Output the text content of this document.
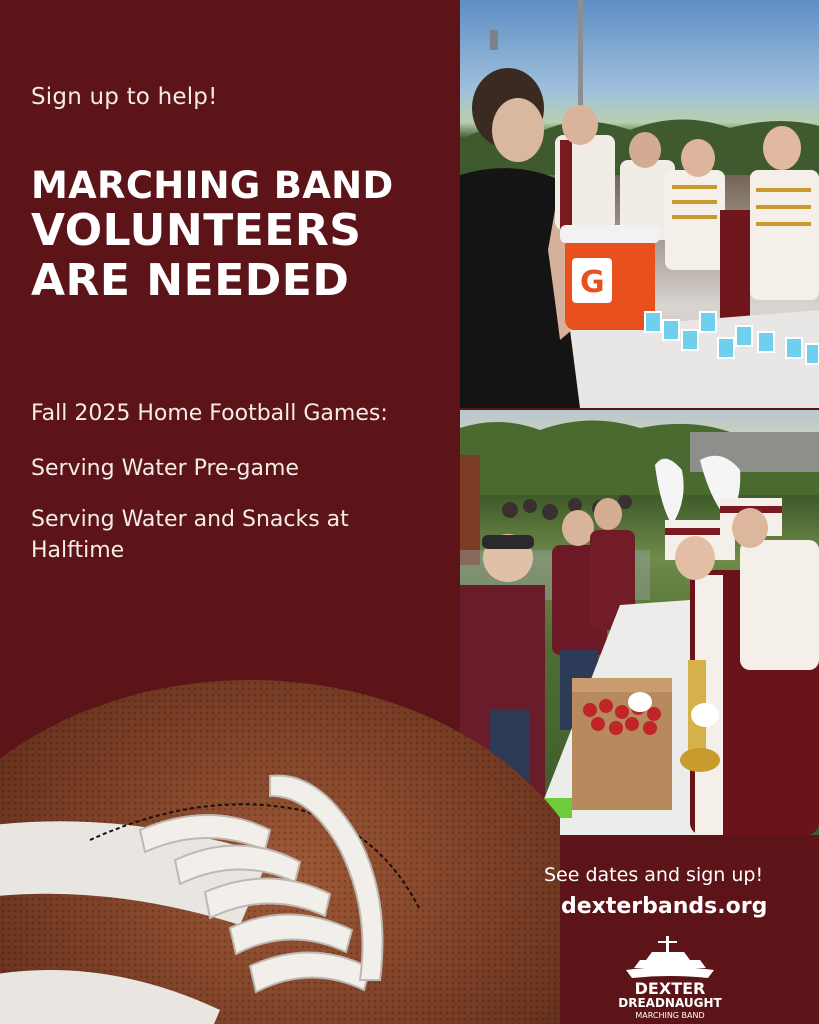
Sign up to help!
MARCHING BAND
VOLUNTEERS
ARE NEEDED
Fall 2025 Home Football Games:
Serving Water Pre-game
Serving Water and Snacks at Halftime
G
See dates and sign up!
dexterbands.org
DEXTER
DREADNAUGHT
MARCHING BAND
